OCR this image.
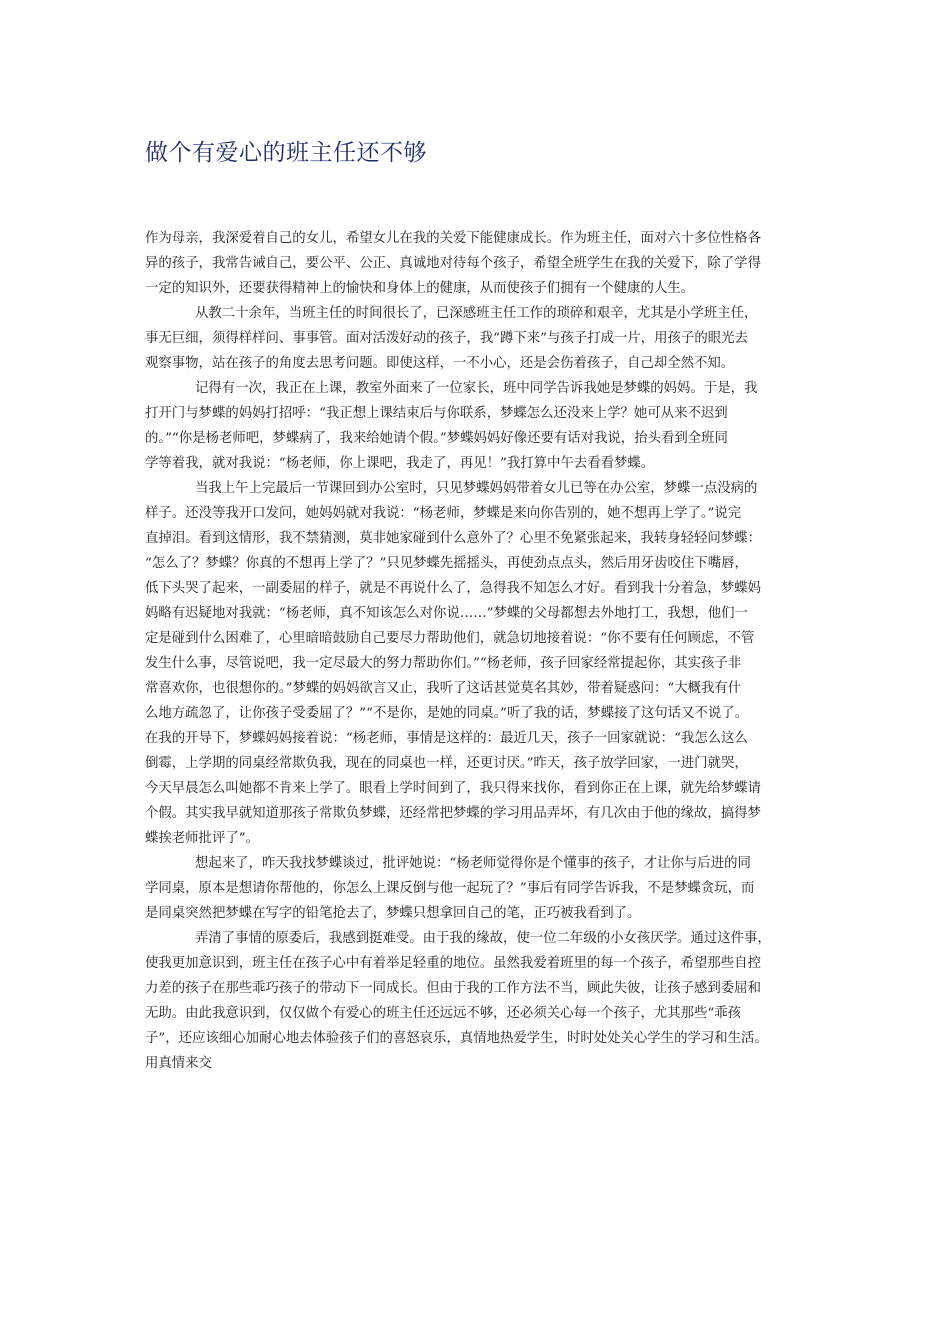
做个有爱心的班主任还不够
作为母亲，我深爱着自己的女儿，希望女儿在我的关爱下能健康成长。作为班主任，面对六十多位性格各
异的孩子，我常告诫自己，要公平、公正、真诚地对待每个孩子，希望全班学生在我的关爱下，除了学得
一定的知识外，还要获得精神上的愉快和身体上的健康，从而使孩子们拥有一个健康的人生。
从教二十余年，当班主任的时间很长了，已深感班主任工作的琐碎和艰辛，尤其是小学班主任，
事无巨细，须得样样问、事事管。面对活泼好动的孩子，我“蹲下来”与孩子打成一片，用孩子的眼光去
观察事物，站在孩子的角度去思考问题。即使这样，一不小心，还是会伤着孩子，自己却全然不知。
记得有一次，我正在上课，教室外面来了一位家长，班中同学告诉我她是梦蝶的妈妈。于是，我
打开门与梦蝶的妈妈打招呼：“我正想上课结束后与你联系，梦蝶怎么还没来上学？她可从来不迟到
的。”“你是杨老师吧，梦蝶病了，我来给她请个假。”梦蝶妈妈好像还要有话对我说，抬头看到全班同
学等着我，就对我说：“杨老师，你上课吧，我走了，再见！”我打算中午去看看梦蝶。
当我上午上完最后一节课回到办公室时，只见梦蝶妈妈带着女儿已等在办公室，梦蝶一点没病的
样子。还没等我开口发问，她妈妈就对我说：“杨老师，梦蝶是来向你告别的，她不想再上学了。”说完
直掉泪。看到这情形，我不禁猜测，莫非她家碰到什么意外了？心里不免紧张起来，我转身轻轻问梦蝶：
“怎么了？梦蝶？你真的不想再上学了？”只见梦蝶先摇摇头，再使劲点点头，然后用牙齿咬住下嘴唇，
低下头哭了起来，一副委屈的样子，就是不再说什么了，急得我不知怎么才好。看到我十分着急，梦蝶妈
妈略有迟疑地对我就：“杨老师，真不知该怎么对你说……”梦蝶的父母都想去外地打工，我想，他们一
定是碰到什么困难了，心里暗暗鼓励自己要尽力帮助他们，就急切地接着说：“你不要有任何顾虑，不管
发生什么事，尽管说吧，我一定尽最大的努力帮助你们。”“杨老师，孩子回家经常提起你，其实孩子非
常喜欢你，也很想你的。”梦蝶的妈妈欲言又止，我听了这话甚觉莫名其妙，带着疑惑问：“大概我有什
么地方疏忽了，让你孩子受委屈了？”“不是你，是她的同桌。”听了我的话，梦蝶接了这句话又不说了。
在我的开导下，梦蝶妈妈接着说：“杨老师，事情是这样的：最近几天，孩子一回家就说：“我怎么这么
倒霉，上学期的同桌经常欺负我，现在的同桌也一样，还更讨厌。”昨天，孩子放学回家，一进门就哭，
今天早晨怎么叫她都不肯来上学了。眼看上学时间到了，我只得来找你，看到你正在上课，就先给梦蝶请
个假。其实我早就知道那孩子常欺负梦蝶，还经常把梦蝶的学习用品弄坏，有几次由于他的缘故，搞得梦
蝶挨老师批评了”。
想起来了，昨天我找梦蝶谈过，批评她说：“杨老师觉得你是个懂事的孩子，才让你与后进的同
学同桌，原本是想请你帮他的，你怎么上课反倒与他一起玩了？”事后有同学告诉我，不是梦蝶贪玩，而
是同桌突然把梦蝶在写字的铅笔抢去了，梦蝶只想拿回自己的笔，正巧被我看到了。
弄清了事情的原委后，我感到挺难受。由于我的缘故，使一位二年级的小女孩厌学。通过这件事，
使我更加意识到，班主任在孩子心中有着举足轻重的地位。虽然我爱着班里的每一个孩子，希望那些自控
力差的孩子在那些乖巧孩子的带动下一同成长。但由于我的工作方法不当，顾此失彼，让孩子感到委屈和
无助。由此我意识到，仅仅做个有爱心的班主任还远远不够，还必须关心每一个孩子，尤其那些“乖孩
子”，还应该细心加耐心地去体验孩子们的喜怒哀乐，真情地热爱学生，时时处处关心学生的学习和生活。
用真情来交
